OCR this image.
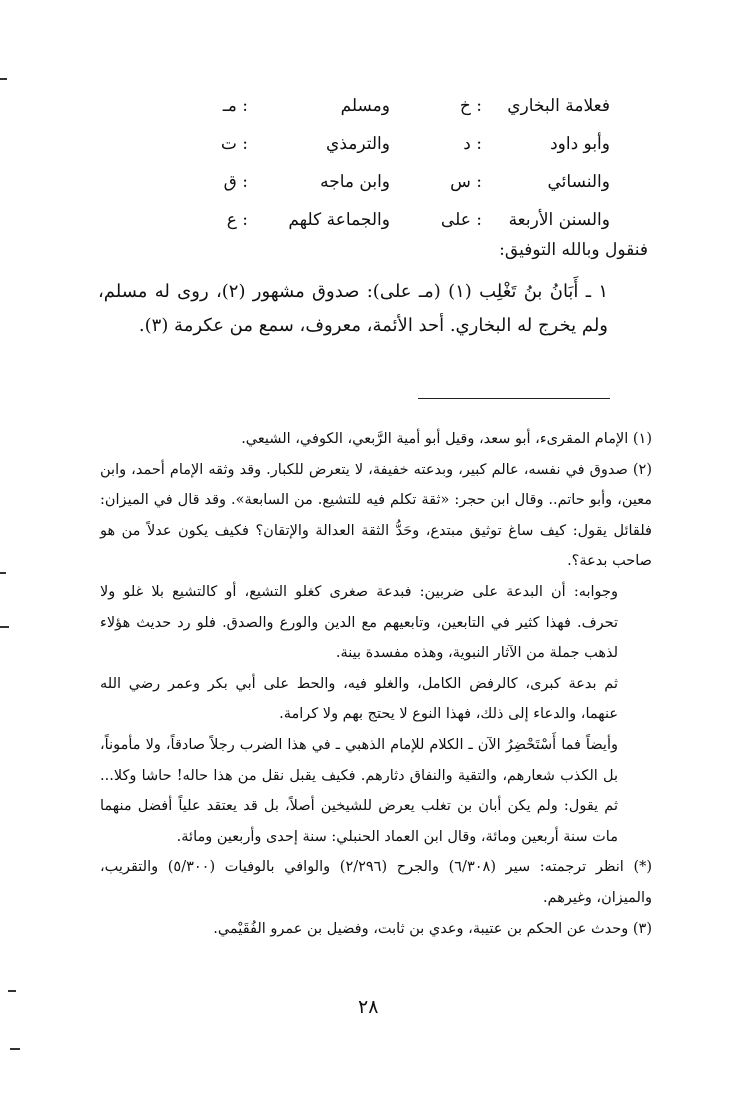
فعلامة البخاري
: خ
ومسلم
: مـ
وأبو داود
: د
والترمذي
: ت
والنسائي
: س
وابن ماجه
: ق
والسنن الأربعة
: على
والجماعة كلهم
: ع
فنقول وبالله التوفيق:
١ ـ أَبَانُ بنُ تَغْلِب (١) (مـ على): صدوق مشهور (٢)، روى له مسلم، ولم يخرج له البخاري. أحد الأئمة، معروف، سمع من عكرمة (٣).

(١) الإمام المقرىء، أبو سعد، وقيل أبو أمية الرَّبعي، الكوفي، الشيعي.

(٢) صدوق في نفسه، عالم كبير، وبدعته خفيفة، لا يتعرض للكبار. وقد وثقه الإمام أحمد، وابن معين، وأبو حاتم.. وقال ابن حجر: «ثقة تكلم فيه للتشيع. من السابعة». وقد قال في الميزان: فلقائل يقول: كيف ساغ توثيق مبتدع، وحَدُّ الثقة العدالة والإتقان؟ فكيف يكون عدلاً من هو صاحب بدعة؟.

وجوابه: أن البدعة على ضربين: فبدعة صغرى كغلو التشيع، أو كالتشيع بلا غلو ولا تحرف. فهذا كثير في التابعين، وتابعيهم مع الدين والورع والصدق. فلو رد حديث هؤلاء لذهب جملة من الآثار النبوية، وهذه مفسدة بينة.

ثم بدعة كبرى، كالرفض الكامل، والغلو فيه، والحط على أبي بكر وعمر رضي الله عنهما، والدعاء إلى ذلك، فهذا النوع لا يحتج بهم ولا كرامة.

وأيضاً فما أَسْتَحْضِرُ الآن ـ الكلام للإمام الذهبي ـ في هذا الضرب رجلاً صادقاً، ولا مأموناً، بل الكذب شعارهم، والتقية والنفاق دثارهم. فكيف يقبل نقل من هذا حاله! حاشا وكلا... ثم يقول: ولم يكن أبان بن تغلب يعرض للشيخين أصلاً، بل قد يعتقد علياً أفضل منهما مات سنة أربعين ومائة، وقال ابن العماد الحنبلي: سنة إحدى وأربعين ومائة.

(*) انظر ترجمته: سير (٦/٣٠٨) والجرح (٢/٢٩٦) والوافي بالوفيات (٥/٣٠٠) والتقريب، والميزان، وغيرهم.

(٣) وحدث عن الحكم بن عتيبة، وعدي بن ثابت، وفضيل بن عمرو الفُقَيْمي.

٢٨
